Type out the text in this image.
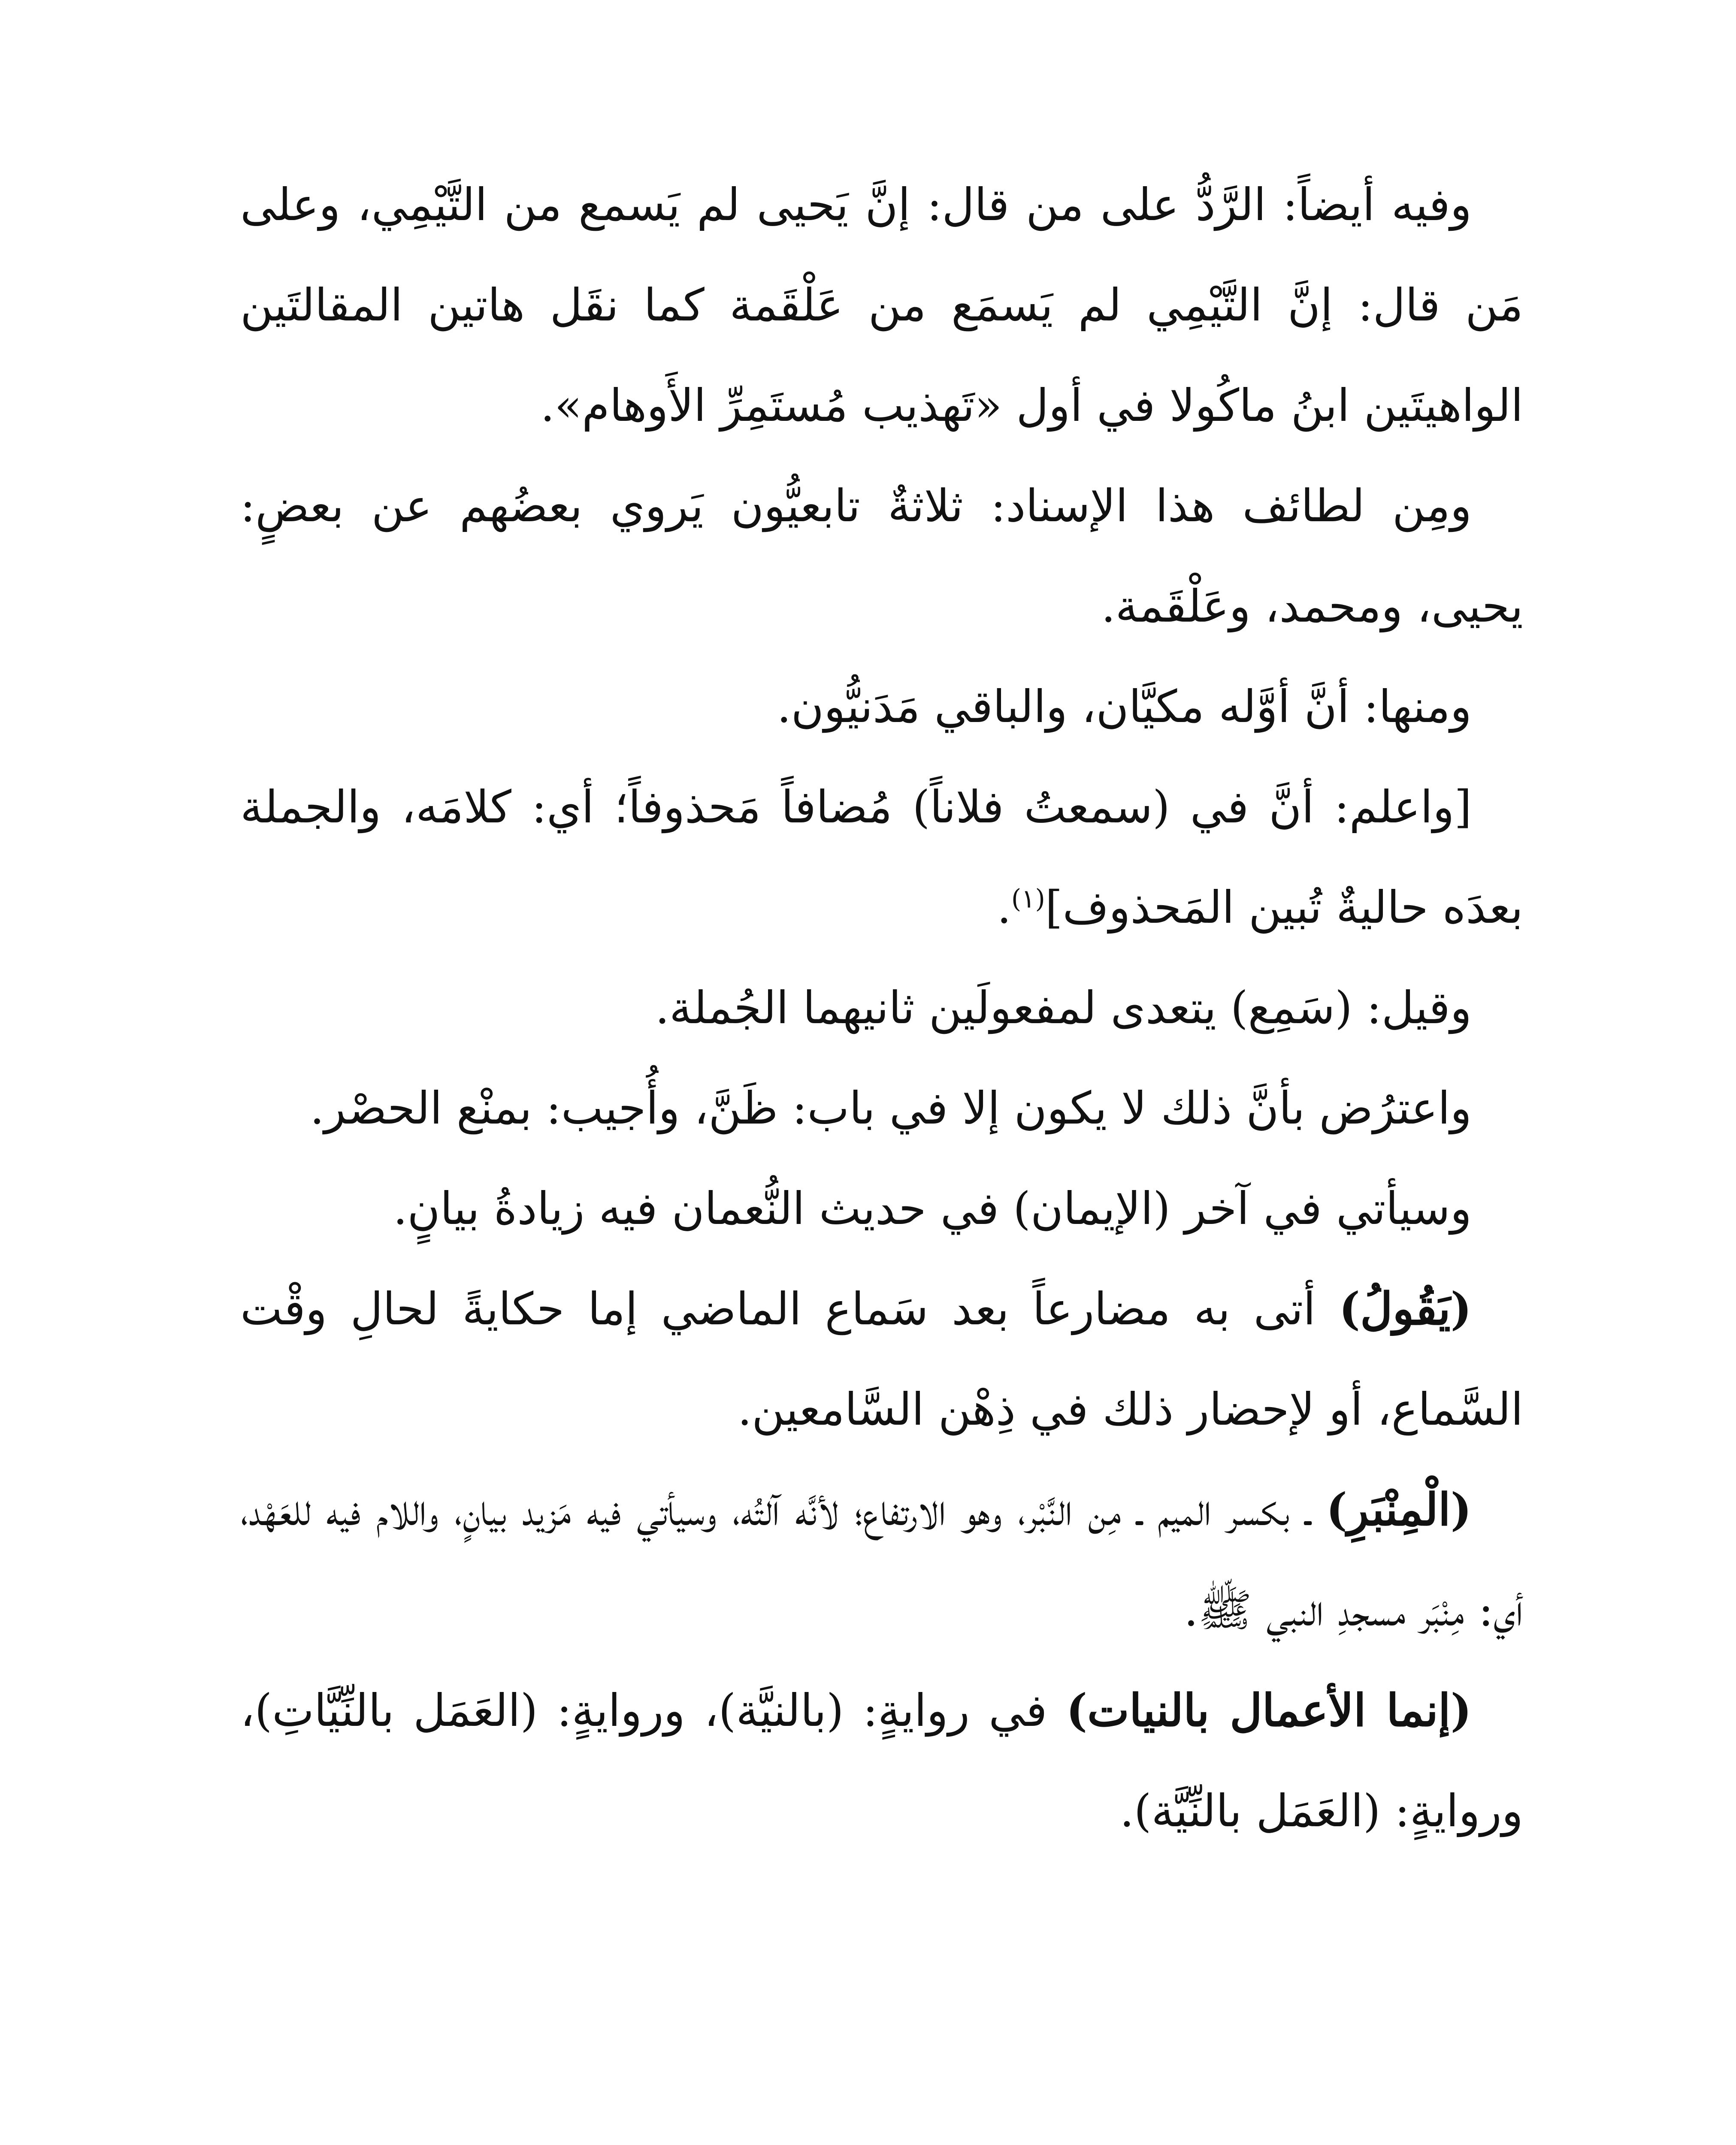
وفيه أيضاً: الرَّدُّ على من قال: إنَّ يَحيى لم يَسمع من التَّيْمِي، وعلى مَن قال: إنَّ التَّيْمِي لم يَسمَع من عَلْقَمة كما نقَل هاتين المقالتَين الواهيتَين ابنُ ماكُولا في أول «تَهذيب مُستَمِرِّ الأَوهام».

ومِن لطائف هذا الإسناد: ثلاثةٌ تابعيُّون يَروي بعضُهم عن بعضٍ: يحيى، ومحمد، وعَلْقَمة.

ومنها: أنَّ أوَّله مكيَّان، والباقي مَدَنيُّون.

[واعلم: أنَّ في (سمعتُ فلاناً) مُضافاً مَحذوفاً؛ أي: كلامَه، والجملة بعدَه حاليةٌ تُبين المَحذوف]$^{(١)}$.

وقيل: (سَمِع) يتعدى لمفعولَين ثانيهما الجُملة.

واعترُض بأنَّ ذلك لا يكون إلا في باب: ظَنَّ، وأُجيب: بمنْع الحصْر.

وسيأتي في آخر (الإيمان) في حديث النُّعمان فيه زيادةُ بيانٍ.

(يَقُولُ) أتى به مضارعاً بعد سَماع الماضي إما حكايةً لحالِ وقْت السَّماع، أو لإحضار ذلك في ذِهْن السَّامعين.

(الْمِنْبَرِ) ـ بكسر الميم ـ مِن النَّبْر، وهو الارتفاع؛ لأنَّه آلتُه، وسيأتي فيه مَزيد بيانٍ، واللام فيه للعَهْد، أي: مِنْبَر مسجدِ النبي ﷺ.

(إنما الأعمال بالنيات) في روايةٍ: (بالنيَّة)، وروايةٍ: (العَمَل بالنِّيَّاتِ)، وروايةٍ: (العَمَل بالنِّيَّة).
